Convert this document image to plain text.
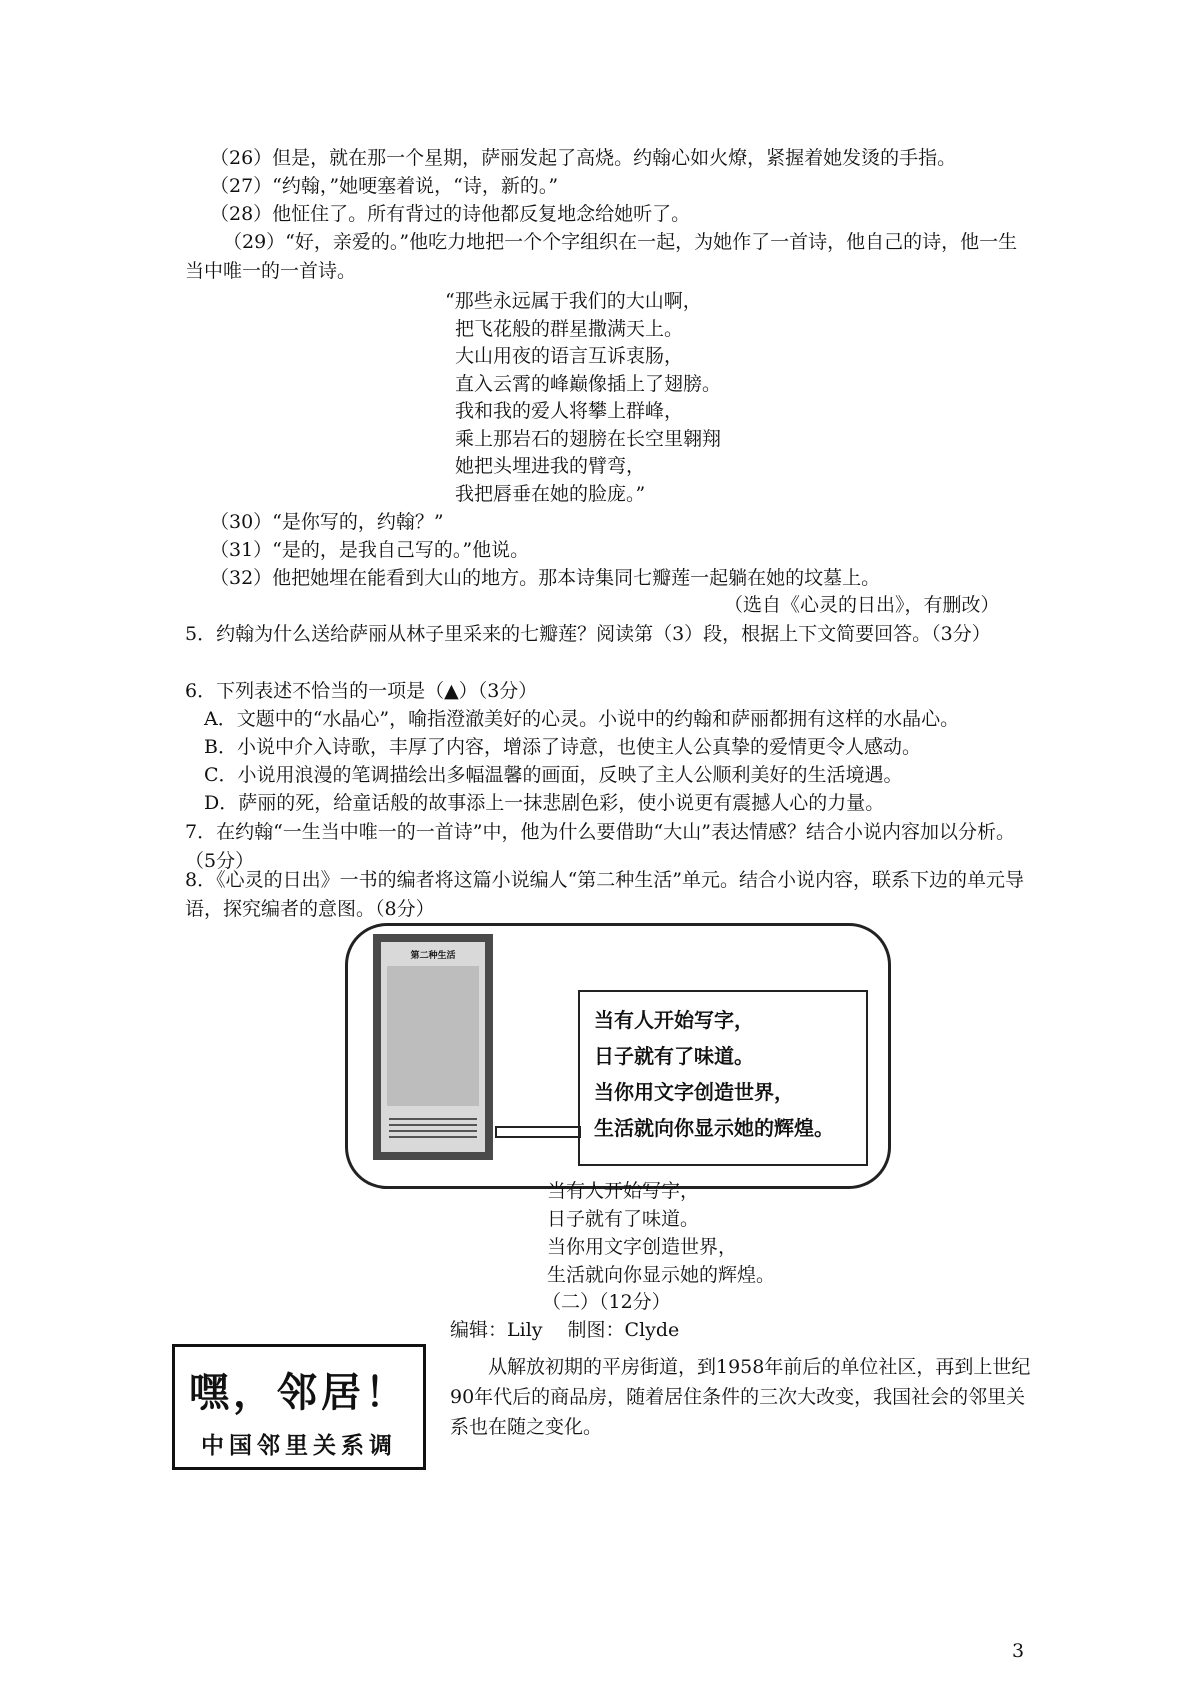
（26）但是，就在那一个星期，萨丽发起了高烧。约翰心如火燎，紧握着她发烫的手指。
（27）“约翰，”她哽塞着说，“诗，新的。”
（28）他怔住了。所有背过的诗他都反复地念给她听了。
（29）“好，亲爱的。”他吃力地把一个个字组织在一起，为她作了一首诗，他自己的诗，他一生当中唯一的一首诗。
“那些永远属于我们的大山啊，
把飞花般的群星撒满天上。
大山用夜的语言互诉衷肠，
直入云霄的峰巅像插上了翅膀。
我和我的爱人将攀上群峰，
乘上那岩石的翅膀在长空里翱翔
她把头埋进我的臂弯，
我把唇垂在她的脸庞。”
（30）“是你写的，约翰？”
（31）“是的，是我自己写的。”他说。
（32）他把她埋在能看到大山的地方。那本诗集同七瓣莲一起躺在她的坟墓上。
（选自《心灵的日出》，有删改）
5．约翰为什么送给萨丽从林子里采来的七瓣莲？阅读第（3）段，根据上下文简要回答。（3分）
6．下列表述不恰当的一项是（▲）（3分）
A．文题中的“水晶心”，喻指澄澈美好的心灵。小说中的约翰和萨丽都拥有这样的水晶心。
B．小说中介入诗歌，丰厚了内容，增添了诗意，也使主人公真挚的爱情更令人感动。
C．小说用浪漫的笔调描绘出多幅温馨的画面，反映了主人公顺利美好的生活境遇。
D．萨丽的死，给童话般的故事添上一抹悲剧色彩，使小说更有震撼人心的力量。
7．在约翰“一生当中唯一的一首诗”中，他为什么要借助“大山”表达情感？结合小说内容加以分析。（5分）
8．《心灵的日出》一书的编者将这篇小说编人“第二种生活”单元。结合小说内容，联系下边的单元导语，探究编者的意图。（8分）
第二种生活
当有人开始写字，
日子就有了味道。
当你用文字创造世界，
生活就向你显示她的辉煌。
当有人开始写字，
日子就有了味道。
当你用文字创造世界，
生活就向你显示她的辉煌。
（二）（12分）
编辑：Lily　 制图：Clyde
嘿，邻居！
中国邻里关系调
从解放初期的平房街道，到1958年前后的单位社区，再到上世纪90年代后的商品房，随着居住条件的三次大改变，我国社会的邻里关系也在随之变化。
3
